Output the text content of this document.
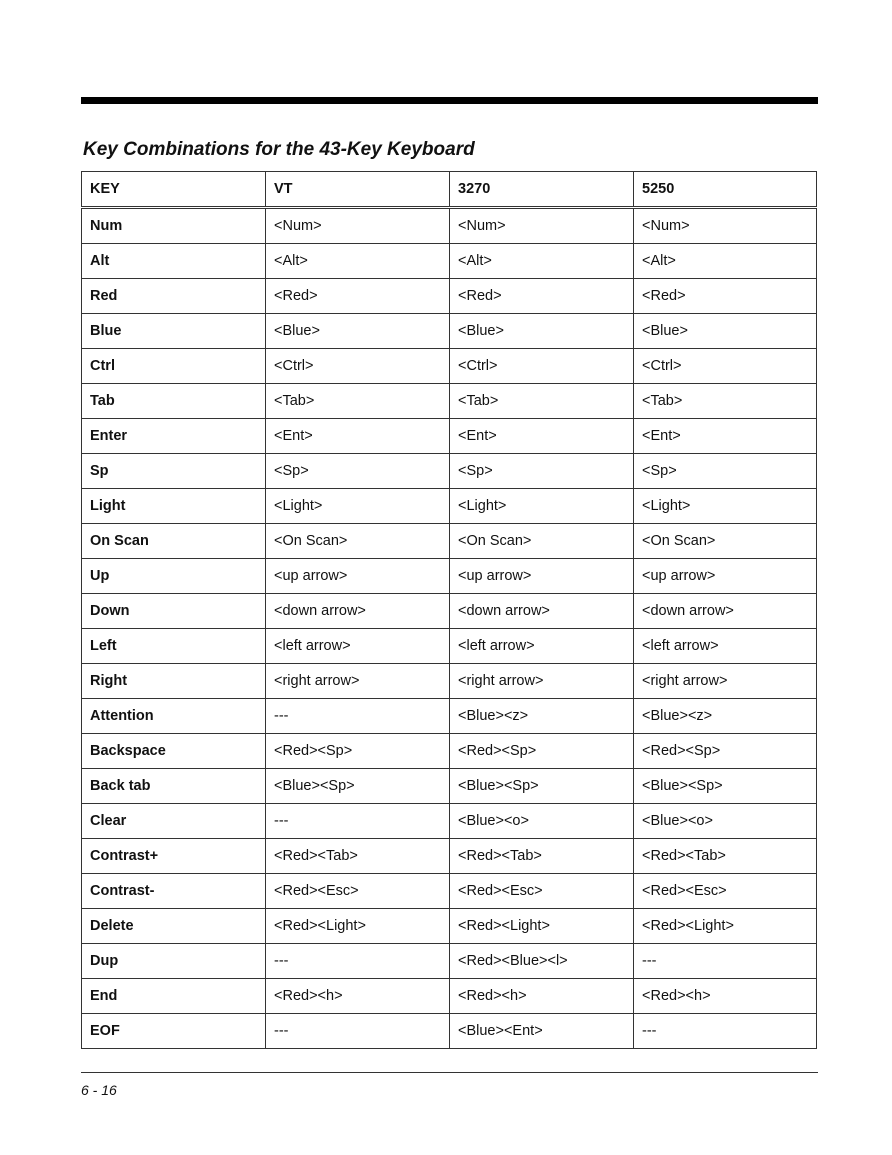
Key Combinations for the 43-Key Keyboard
KEY	VT	3270	5250
Num	<Num>	<Num>	<Num>
Alt	<Alt>	<Alt>	<Alt>
Red	<Red>	<Red>	<Red>
Blue	<Blue>	<Blue>	<Blue>
Ctrl	<Ctrl>	<Ctrl>	<Ctrl>
Tab	<Tab>	<Tab>	<Tab>
Enter	<Ent>	<Ent>	<Ent>
Sp	<Sp>	<Sp>	<Sp>
Light	<Light>	<Light>	<Light>
On Scan	<On Scan>	<On Scan>	<On Scan>
Up	<up arrow>	<up arrow>	<up arrow>
Down	<down arrow>	<down arrow>	<down arrow>
Left	<left arrow>	<left arrow>	<left arrow>
Right	<right arrow>	<right arrow>	<right arrow>
Attention	---	<Blue><z>	<Blue><z>
Backspace	<Red><Sp>	<Red><Sp>	<Red><Sp>
Back tab	<Blue><Sp>	<Blue><Sp>	<Blue><Sp>
Clear	---	<Blue><o>	<Blue><o>
Contrast+	<Red><Tab>	<Red><Tab>	<Red><Tab>
Contrast-	<Red><Esc>	<Red><Esc>	<Red><Esc>
Delete	<Red><Light>	<Red><Light>	<Red><Light>
Dup	---	<Red><Blue><l>	---
End	<Red><h>	<Red><h>	<Red><h>
EOF	---	<Blue><Ent>	---
6 - 16
